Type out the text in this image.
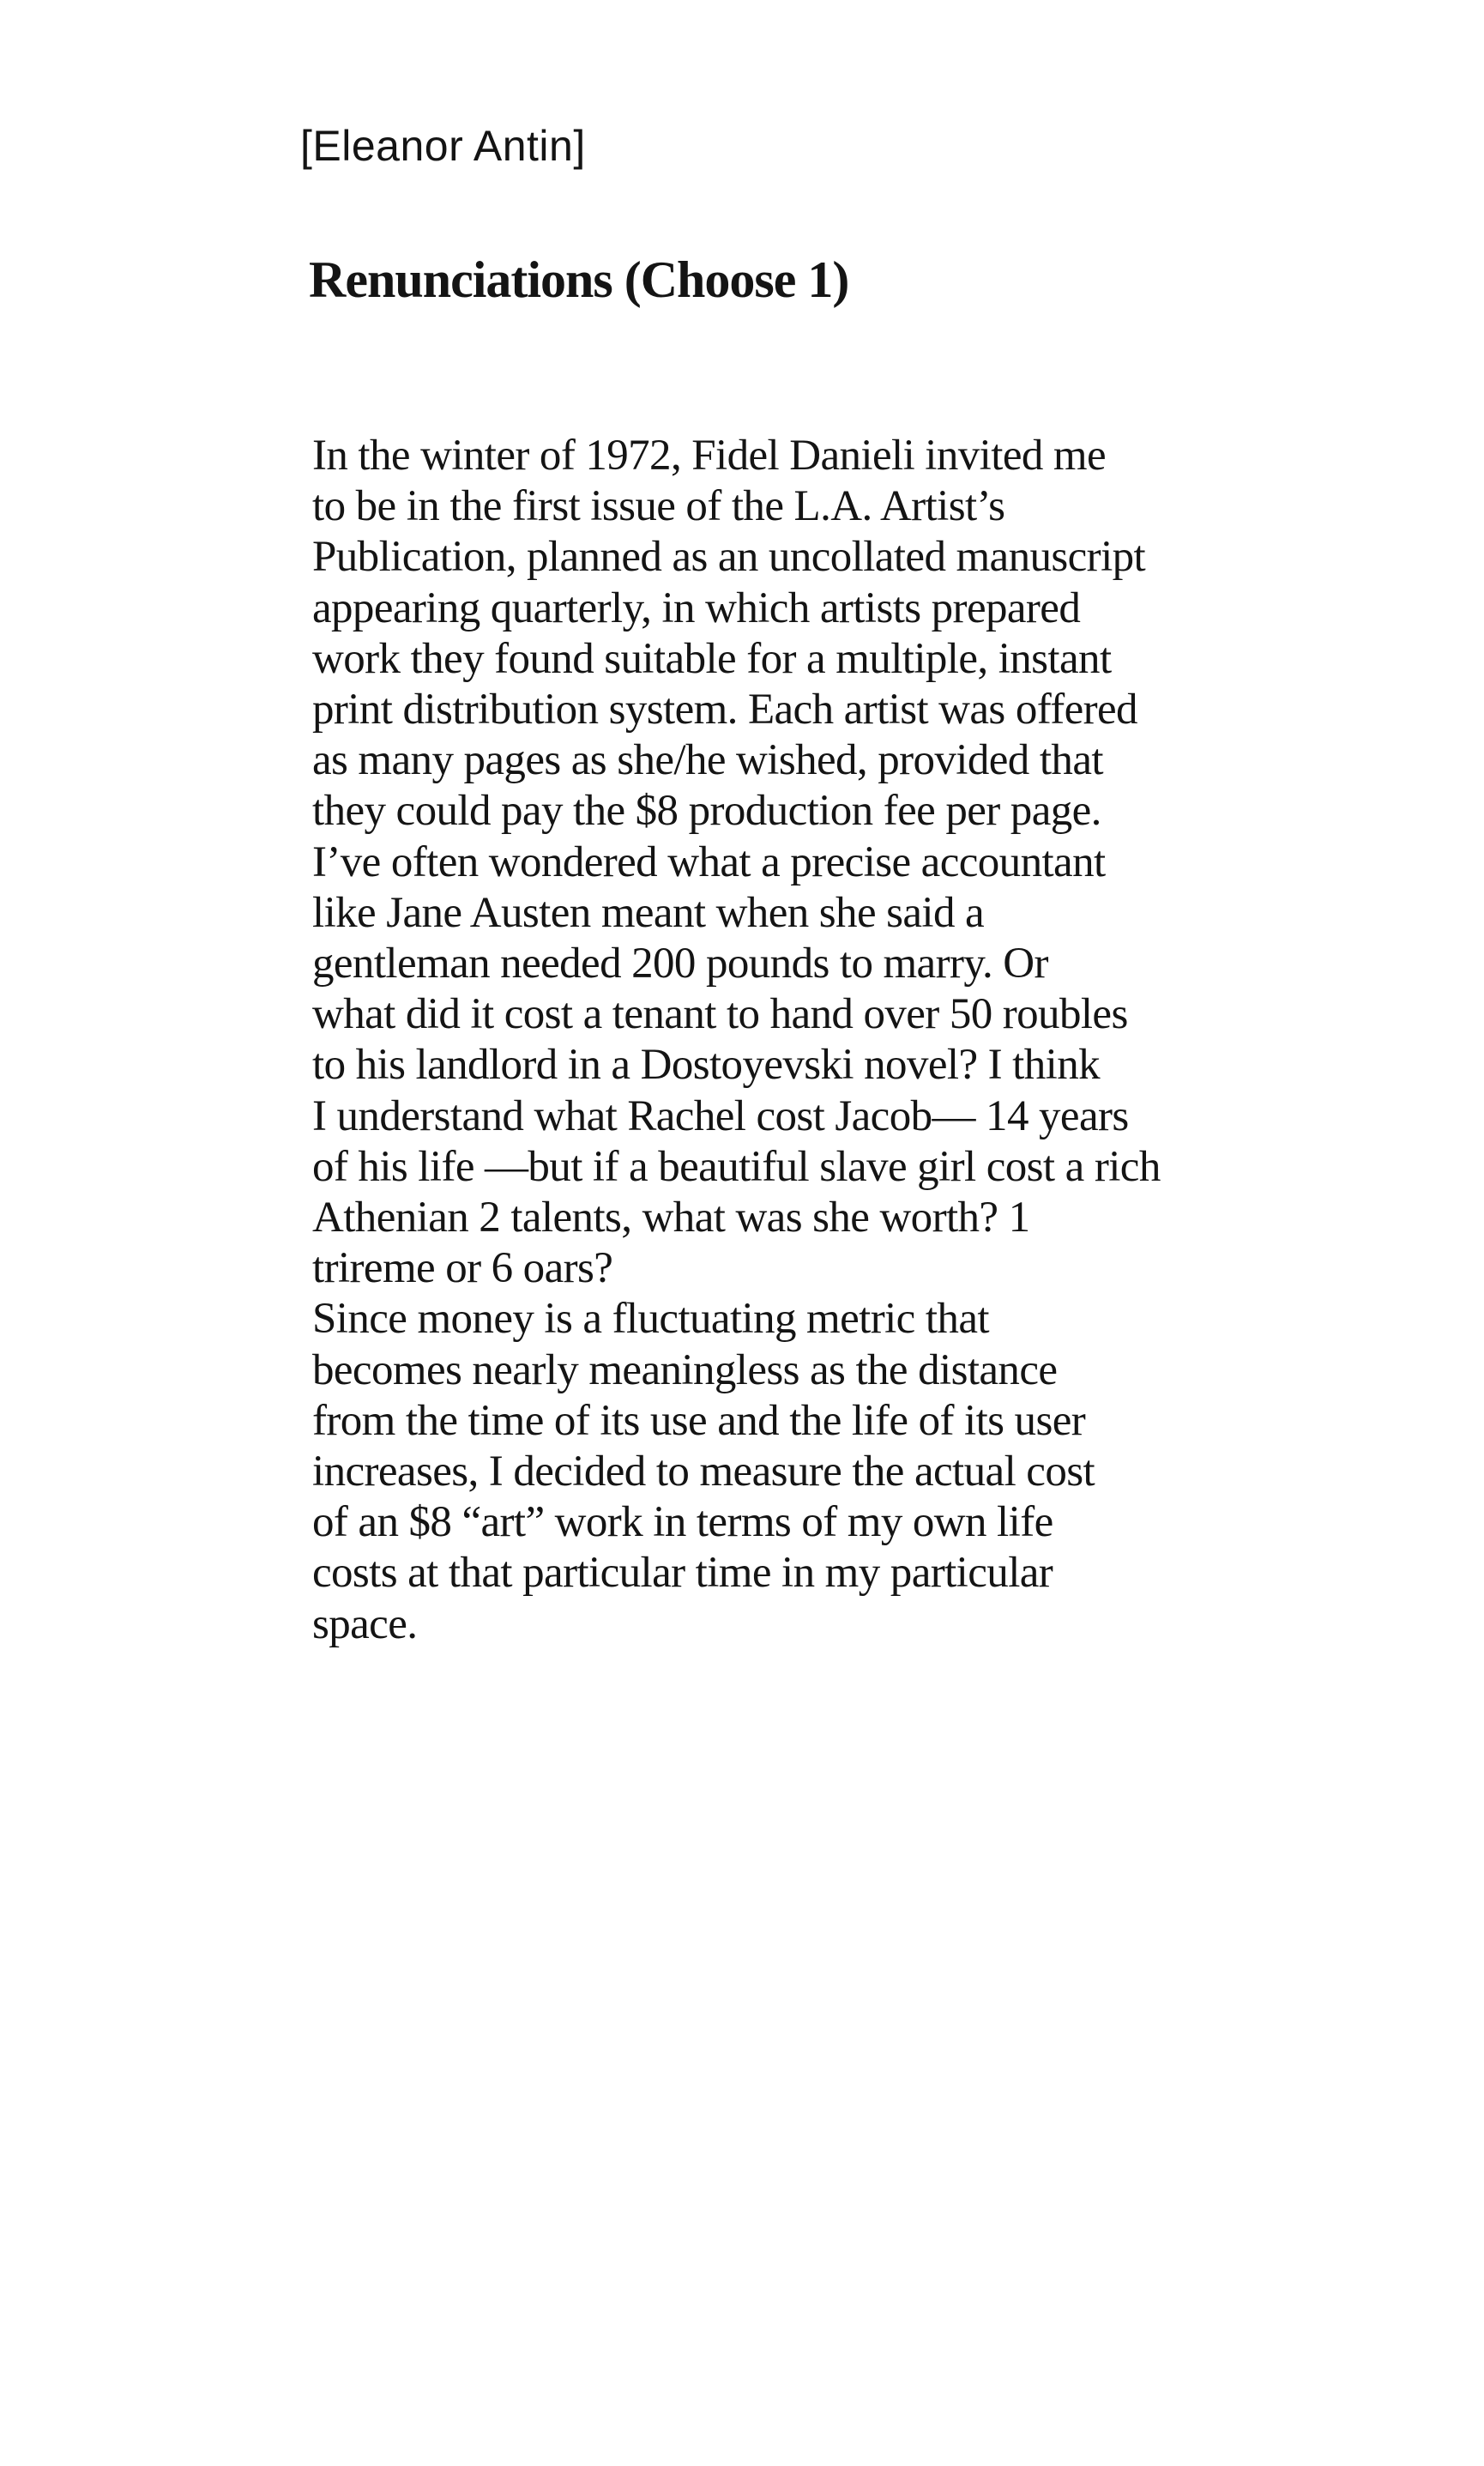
[Eleanor Antin]
Renunciations (Choose 1)
In the winter of 1972, Fidel Danieli invited me
to be in the first issue of the L.A. Artist’s
Publication, planned as an uncollated manuscript
appearing quarterly, in which artists prepared
work they found suitable for a multiple, instant
print distribution system. Each artist was offered
as many pages as she/he wished, provided that
they could pay the $8 production fee per page.
I’ve often wondered what a precise accountant
like Jane Austen meant when she said a
gentleman needed 200 pounds to marry. Or
what did it cost a tenant to hand over 50 roubles
to his landlord in a Dostoyevski novel? I think
I understand what Rachel cost Jacob— 14 years
of his life —but if a beautiful slave girl cost a rich
Athenian 2 talents, what was she worth? 1
trireme or 6 oars?
Since money is a fluctuating metric that
becomes nearly meaningless as the distance
from the time of its use and the life of its user
increases, I decided to measure the actual cost
of an $8 “art” work in terms of my own life
costs at that particular time in my particular
space.
